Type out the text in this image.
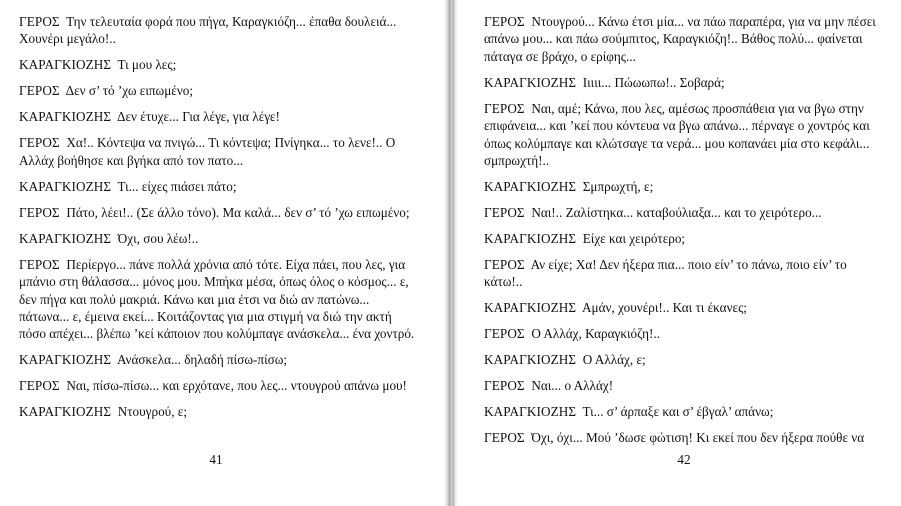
ΓΕΡΟΣ Την τελευταία φορά που πήγα, Καραγκιόζη... έπαθα δουλειά... Χουνέρι μεγάλο!..

ΚΑΡΑΓΚΙΟΖΗΣ Τι μου λες;

ΓΕΡΟΣ Δεν σ’ τό ’χω ειπωμένο;

ΚΑΡΑΓΚΙΟΖΗΣ Δεν έτυχε... Για λέγε, για λέγε!

ΓΕΡΟΣ Χα!.. Κόντεψα να πνιγώ... Τι κόντεψα; Πνίγηκα... το λενε!.. Ο Αλλάχ βοήθησε και βγήκα από τον πατο...

ΚΑΡΑΓΚΙΟΖΗΣ Τι... είχες πιάσει πάτο;

ΓΕΡΟΣ Πάτο, λέει!.. (Σε άλλο τόνο). Μα καλά... δεν σ’ τό ’χω ειπωμένο;

ΚΑΡΑΓΚΙΟΖΗΣ Όχι, σου λέω!..

ΓΕΡΟΣ Περίεργο... πάνε πολλά χρόνια από τότε. Είχα πάει, που λες, για μπάνιο στη θάλασσα... μόνος μου. Μπήκα μέσα, όπως όλος ο κόσμος... ε, δεν πήγα και πολύ μακριά. Κάνω και μια έτσι να διώ αν πατώνω... πάτωνα... ε, έμεινα εκεί... Κοιτάζοντας για μια στιγμή να διώ την ακτή πόσο απέχει... βλέπω ’κεί κάποιον που κολύμπαγε ανάσκελα... ένα χοντρό.

ΚΑΡΑΓΚΙΟΖΗΣ Ανάσκελα... δηλαδή πίσω-πίσω;

ΓΕΡΟΣ Ναι, πίσω-πίσω... και ερχότανε, που λες... ντουγρού απάνω μου!

ΚΑΡΑΓΚΙΟΖΗΣ Ντουγρού, ε;

41

ΓΕΡΟΣ Ντουγρού... Κάνω έτσι μία... να πάω παραπέρα, για να μην πέσει απάνω μου... και πάω σούμπιτος, Καραγκιόζη!.. Βάθος πολύ... φαίνεται πάταγα σε βράχο, ο ερίφης...

ΚΑΡΑΓΚΙΟΖΗΣ Ιιιιι... Πώωωπω!.. Σοβαρά;

ΓΕΡΟΣ Ναι, αμέ; Κάνω, που λες, αμέσως προσπάθεια για να βγω στην επιφάνεια... και ’κεί που κόντευα να βγω απάνω... πέρναγε ο χοντρός και όπως κολύμπαγε και κλώτσαγε τα νερά... μου κοπανάει μία στο κεφάλι... σμπρωχτή!..

ΚΑΡΑΓΚΙΟΖΗΣ Σμπρωχτή, ε;

ΓΕΡΟΣ Ναι!.. Ζαλίστηκα... καταβούλιαξα... και το χειρότερο...

ΚΑΡΑΓΚΙΟΖΗΣ Είχε και χειρότερο;

ΓΕΡΟΣ Αν είχε; Χα! Δεν ήξερα πια... ποιο είν’ το πάνω, ποιο είν’ το κάτω!..

ΚΑΡΑΓΚΙΟΖΗΣ Αμάν, χουνέρι!.. Και τι έκανες;

ΓΕΡΟΣ Ο Αλλάχ, Καραγκιόζη!..

ΚΑΡΑΓΚΙΟΖΗΣ Ο Αλλάχ, ε;

ΓΕΡΟΣ Ναι... ο Αλλάχ!

ΚΑΡΑΓΚΙΟΖΗΣ Τι... σ’ άρπαξε και σ’ έβγαλ’ απάνω;

ΓΕΡΟΣ Όχι, όχι... Μού ’δωσε φώτιση! Κι εκεί που δεν ήξερα πούθε να

42
